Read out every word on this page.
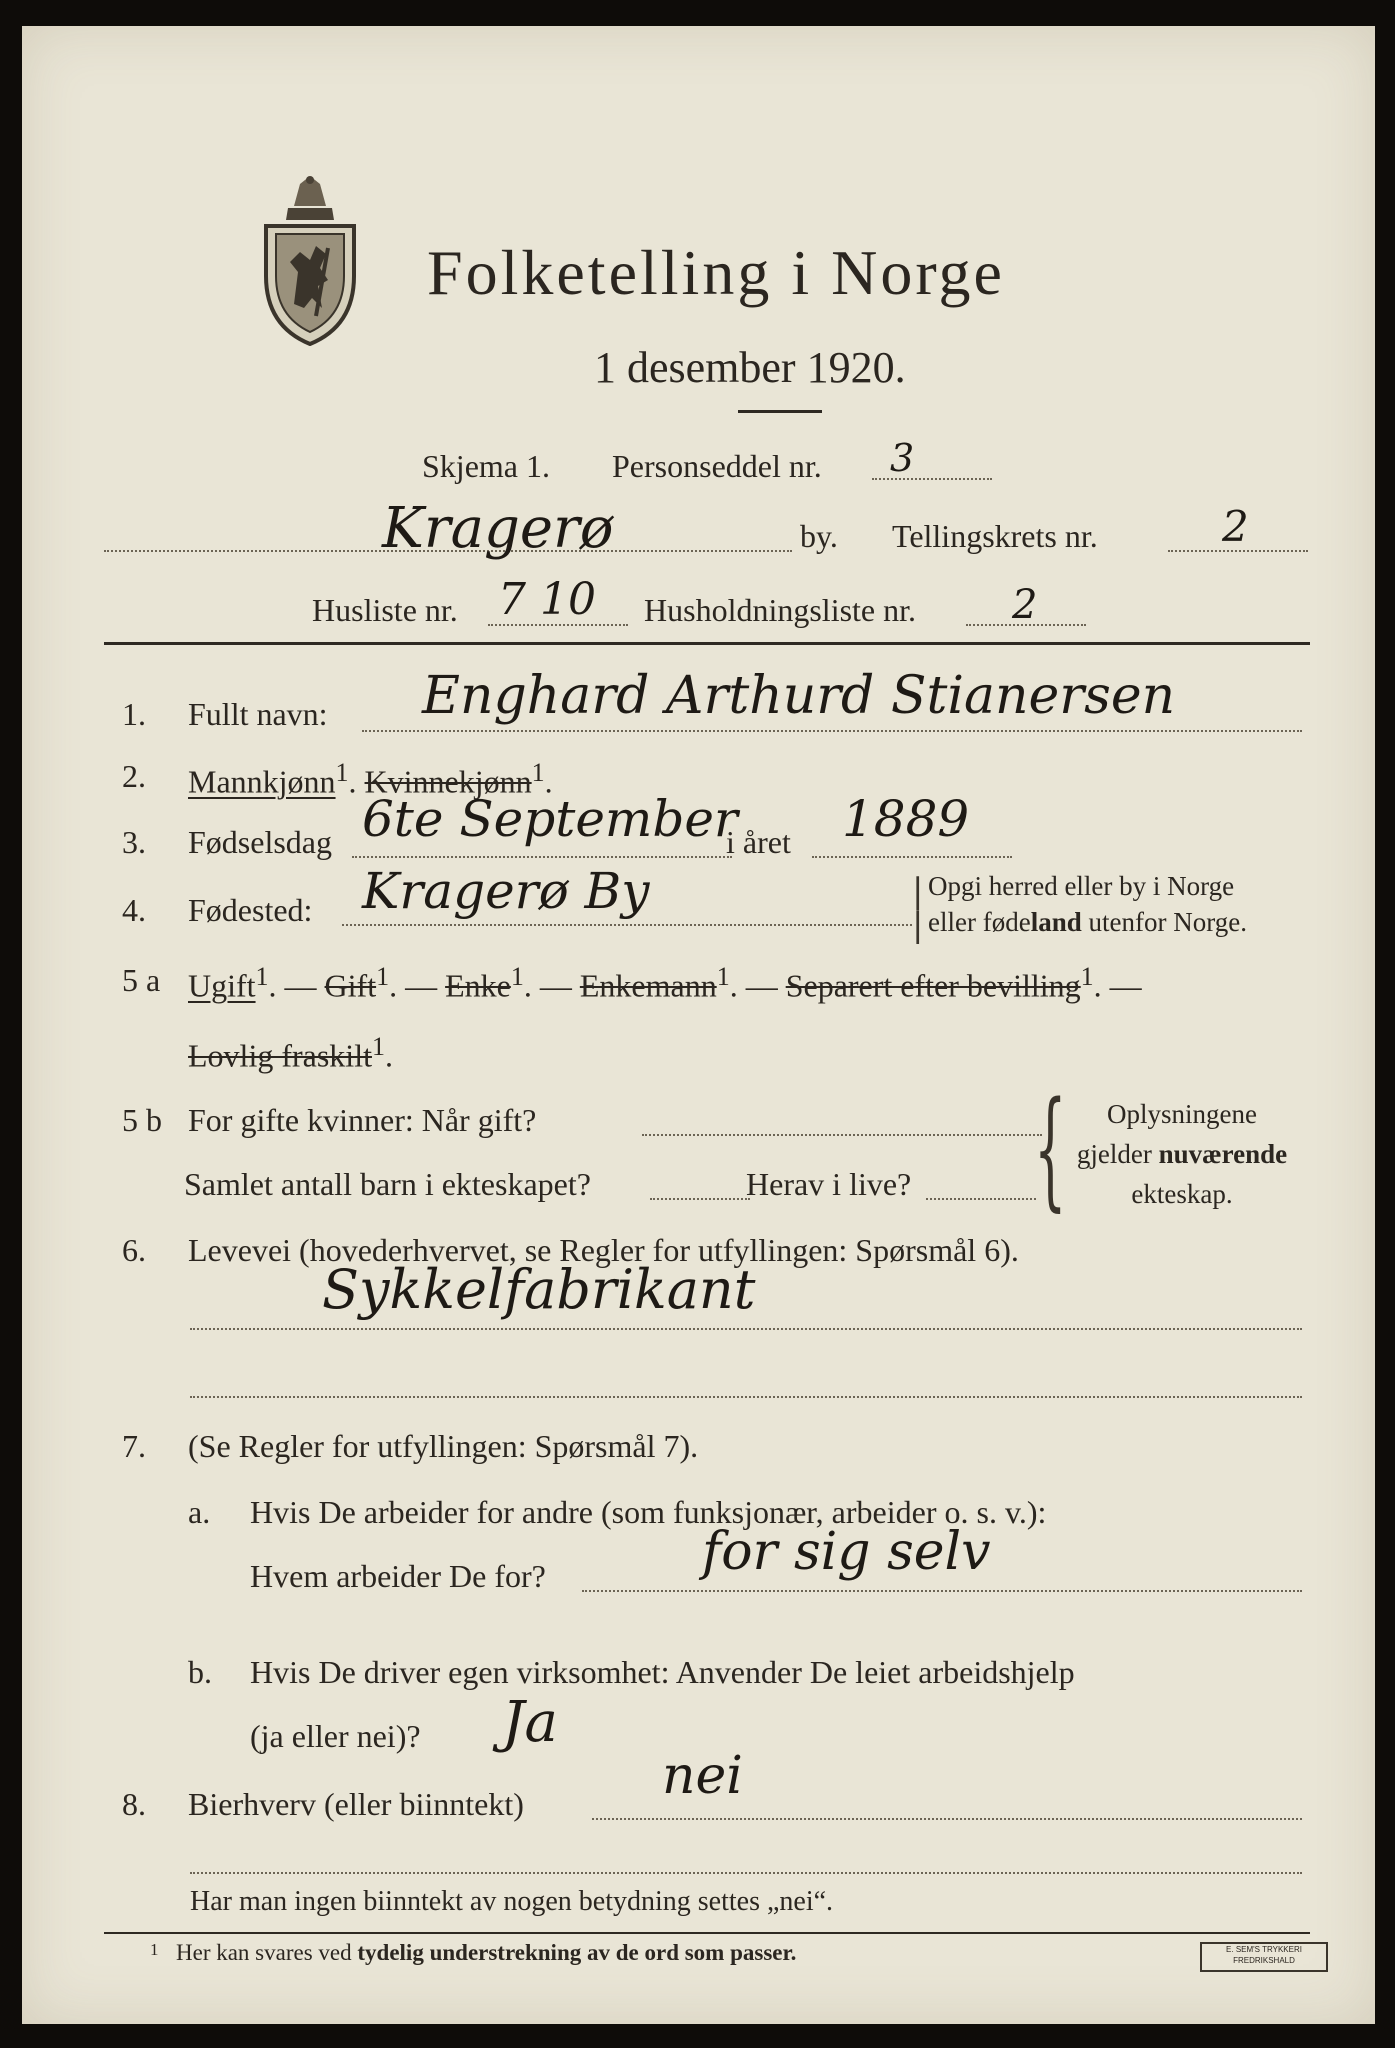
Folketelling i Norge
1 desember 1920.
Skjema 1. Personseddel nr. 3
Kragerø	by. Tellingskrets nr.	2
Husliste nr. 7 10 Husholdningsliste nr. 2
1. Fullt navn: Enghard Arthurd Stianersen
2. Mannkjønn$^1$. Kvinnekjønn$^1$.
3. Fødselsdag 6te September
i året 1889
4. Fødested: Kragerø By	|
|
Opgi herred eller by i Norge
eller fødeland utenfor Norge.
5 a Ugift$^1$. — Gift$^1$. — Enke$^1$. — Enkemann$^1$. — Separert efter bevilling$^1$. —
Lovlig fraskilt$^1$.
5 b For gifte kvinner: Når gift?
Samlet antall barn i ekteskapet?	Herav i live? {	Oplysningene
gjelder nuværende
ekteskap.
6. Levevei (hovederhvervet, se Regler for utfyllingen: Spørsmål 6).
Sykkelfabrikant
7. (Se Regler for utfyllingen: Spørsmål 7).
a. Hvis De arbeider for andre (som funksjonær, arbeider o. s. v.):
Hvem arbeider De for?	for sig selv
b. Hvis De driver egen virksomhet: Anvender De leiet arbeidshjelp
(ja eller nei)? Ja
8. Bierhverv (eller biinntekt)	nei
Har man ingen biinntekt av nogen betydning settes „nei“.
1 Her kan svares ved tydelig understrekning av de ord som passer.	E. SEM'S TRYKKERI
FREDRIKSHALD
